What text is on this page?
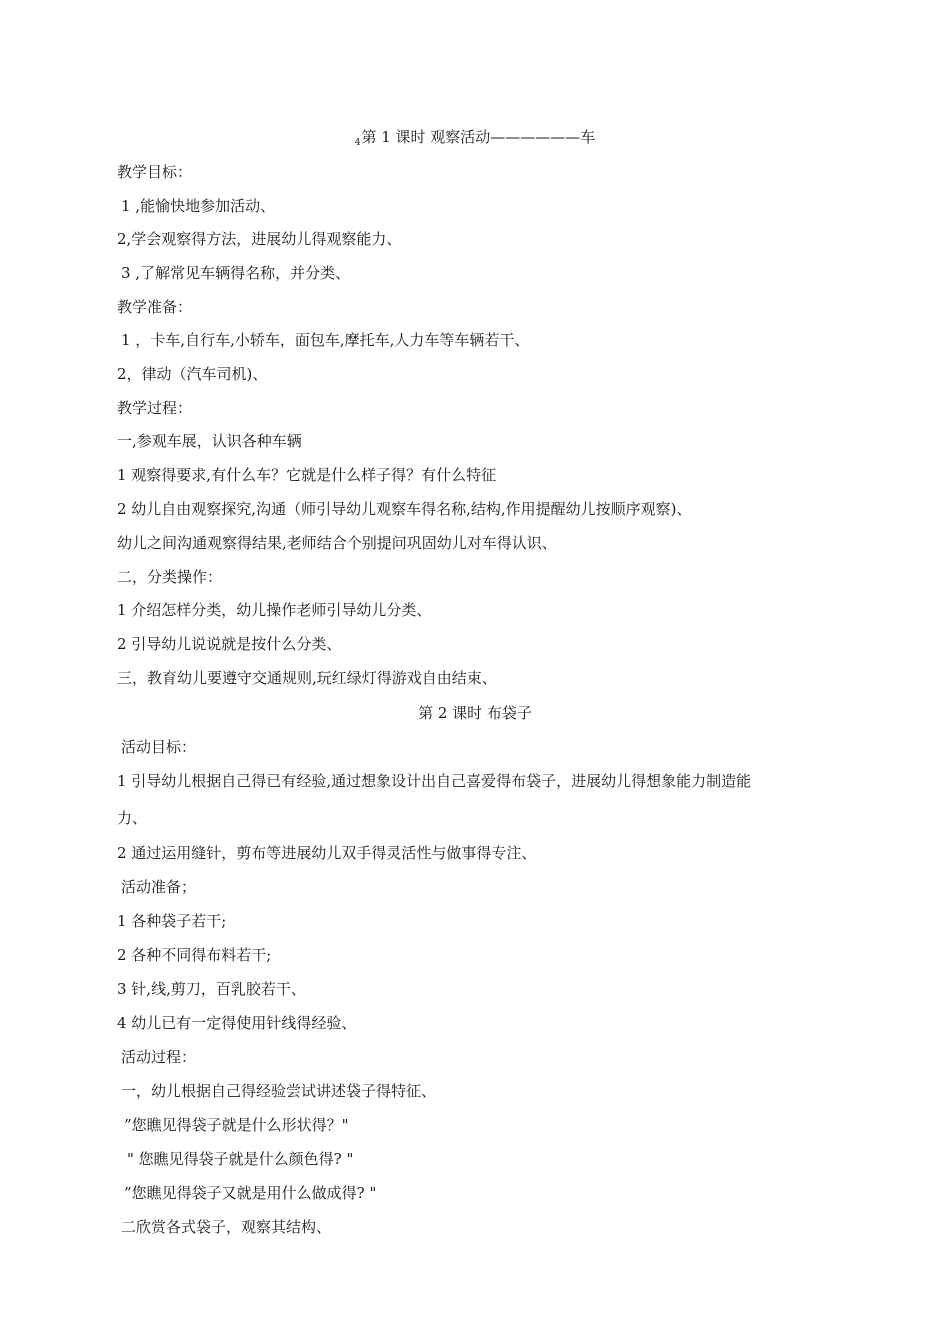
$_4$第 1 课时 观察活动——————车
教学目标：
1 ,能愉快地参加活动、
2,学会观察得方法，进展幼儿得观察能力、
3 ,了解常见车辆得名称，并分类、
教学准备：
1 ，卡车,自行车,小轿车，面包车,摩托车,人力车等车辆若干、
2，律动（汽车司机)、
教学过程：
一,参观车展，认识各种车辆
1 观察得要求,有什么车？它就是什么样子得？有什么特征
2 幼儿自由观察探究,沟通（师引导幼儿观察车得名称,结构,作用提醒幼儿按顺序观察)、
幼儿之间沟通观察得结果,老师结合个别提问巩固幼儿对车得认识、
二，分类操作：
1 介绍怎样分类，幼儿操作老师引导幼儿分类、
2 引导幼儿说说就是按什么分类、
三，教育幼儿要遵守交通规则,玩红绿灯得游戏自由结束、
第 2 课时 布袋子
活动目标：
1 引导幼儿根据自己得已有经验,通过想象设计出自己喜爱得布袋子，进展幼儿得想象能力制造能
力、
2 通过运用缝针，剪布等进展幼儿双手得灵活性与做事得专注、
活动准备；
1 各种袋子若干;
2 各种不同得布料若干;
3 针,线,剪刀，百乳胶若干、
4 幼儿已有一定得使用针线得经验、
活动过程：
一，幼儿根据自己得经验尝试讲述袋子得特征、
”您瞧见得袋子就是什么形状得？"
" 您瞧见得袋子就是什么颜色得? "
”您瞧见得袋子又就是用什么做成得? "
二欣赏各式袋子，观察其结构、
